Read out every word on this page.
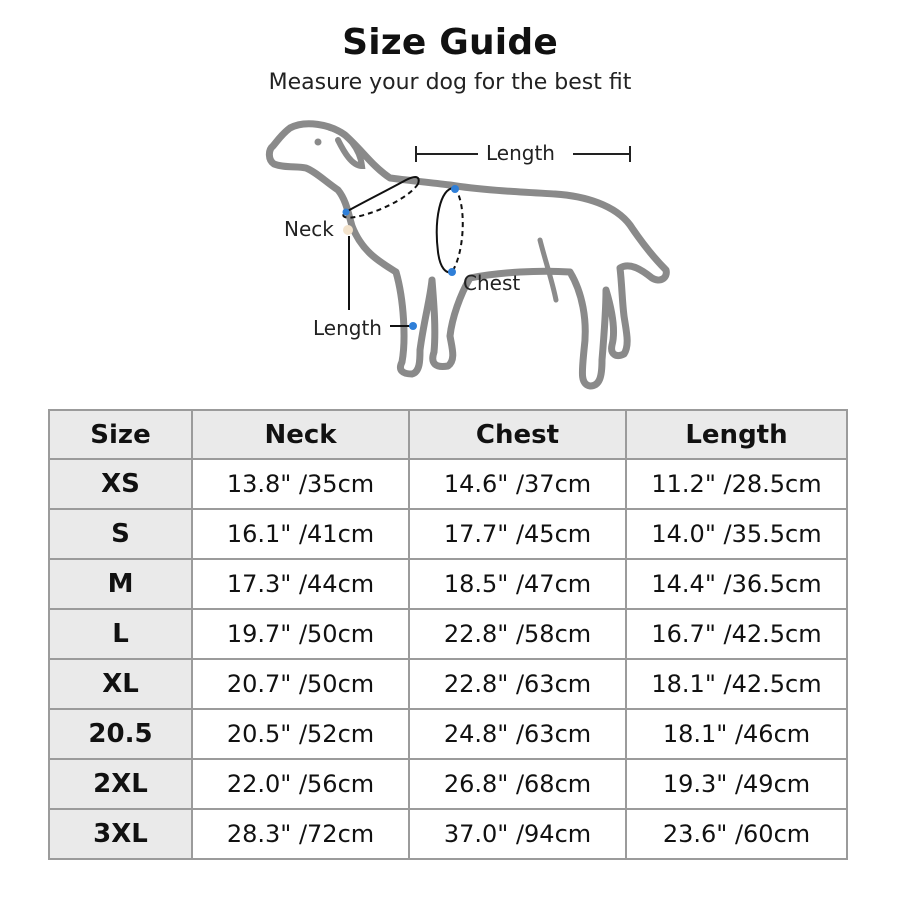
Size Guide
Measure your dog for the best fit
Length
Neck
Chest
Length
Size	Neck	Chest	Length
XS	13.8" /35cm	14.6" /37cm	11.2" /28.5cm
S	16.1" /41cm	17.7" /45cm	14.0" /35.5cm
M	17.3" /44cm	18.5" /47cm	14.4" /36.5cm
L	19.7" /50cm	22.8" /58cm	16.7" /42.5cm
XL	20.7" /50cm	22.8" /63cm	18.1" /42.5cm
20.5	20.5" /52cm	24.8" /63cm	18.1" /46cm
2XL	22.0" /56cm	26.8" /68cm	19.3" /49cm
3XL	28.3" /72cm	37.0" /94cm	23.6" /60cm
